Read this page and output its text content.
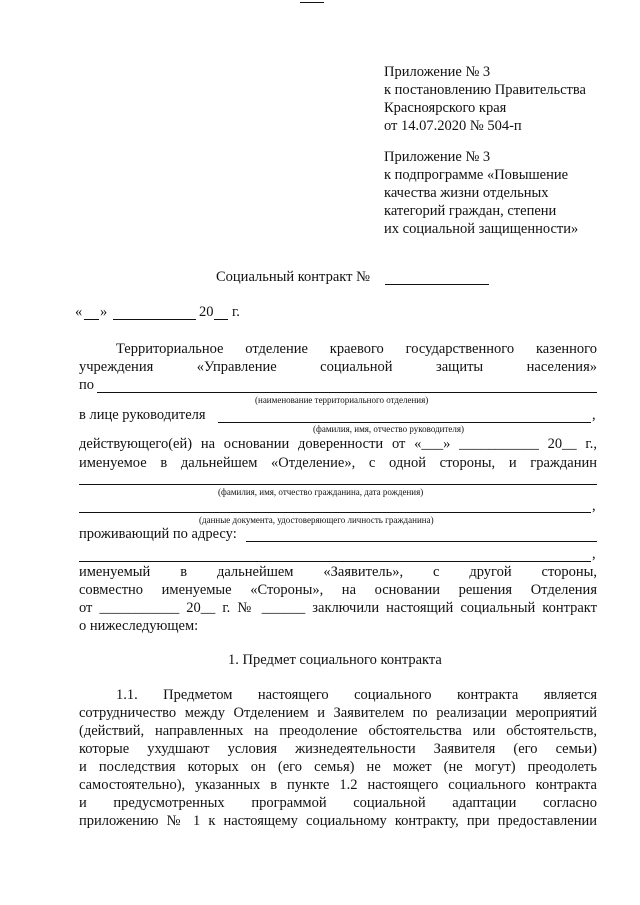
Приложение № 3
к постановлению Правительства
Красноярского края
от 14.07.2020 № 504-п
Приложение № 3
к подпрограмме «Повышение
качества жизни отдельных
категорий граждан, степени
их социальной защищенности»
Социальный контракт №
« »	20 г.
Территориальное отделение краевого государственного казенного
учреждения «Управление социальной защиты населения»
по
(наименование территориального отделения)
в лице руководителя	,
(фамилия, имя, отчество руководителя)
действующего(ей) на основании доверенности от «___» ___________ 20__ г.,
именуемое в дальнейшем «Отделение», с одной стороны, и гражданин
(фамилия, имя, отчество гражданина, дата рождения)
,
(данные документа, удостоверяющего личность гражданина)
проживающий по адресу:
,
именуемый в дальнейшем «Заявитель», с другой стороны,
совместно именуемые «Стороны», на основании решения Отделения
от ___________ 20__ г. № ______ заключили настоящий социальный контракт
о нижеследующем:
1. Предмет социального контракта
1.1. Предметом настоящего социального контракта является
сотрудничество между Отделением и Заявителем по реализации мероприятий
(действий, направленных на преодоление обстоятельства или обстоятельств,
которые ухудшают условия жизнедеятельности Заявителя (его семьи)
и последствия которых он (его семья) не может (не могут) преодолеть
самостоятельно), указанных в пункте 1.2 настоящего социального контракта
и предусмотренных программой социальной адаптации согласно
приложению № 1 к настоящему социальному контракту, при предоставлении
